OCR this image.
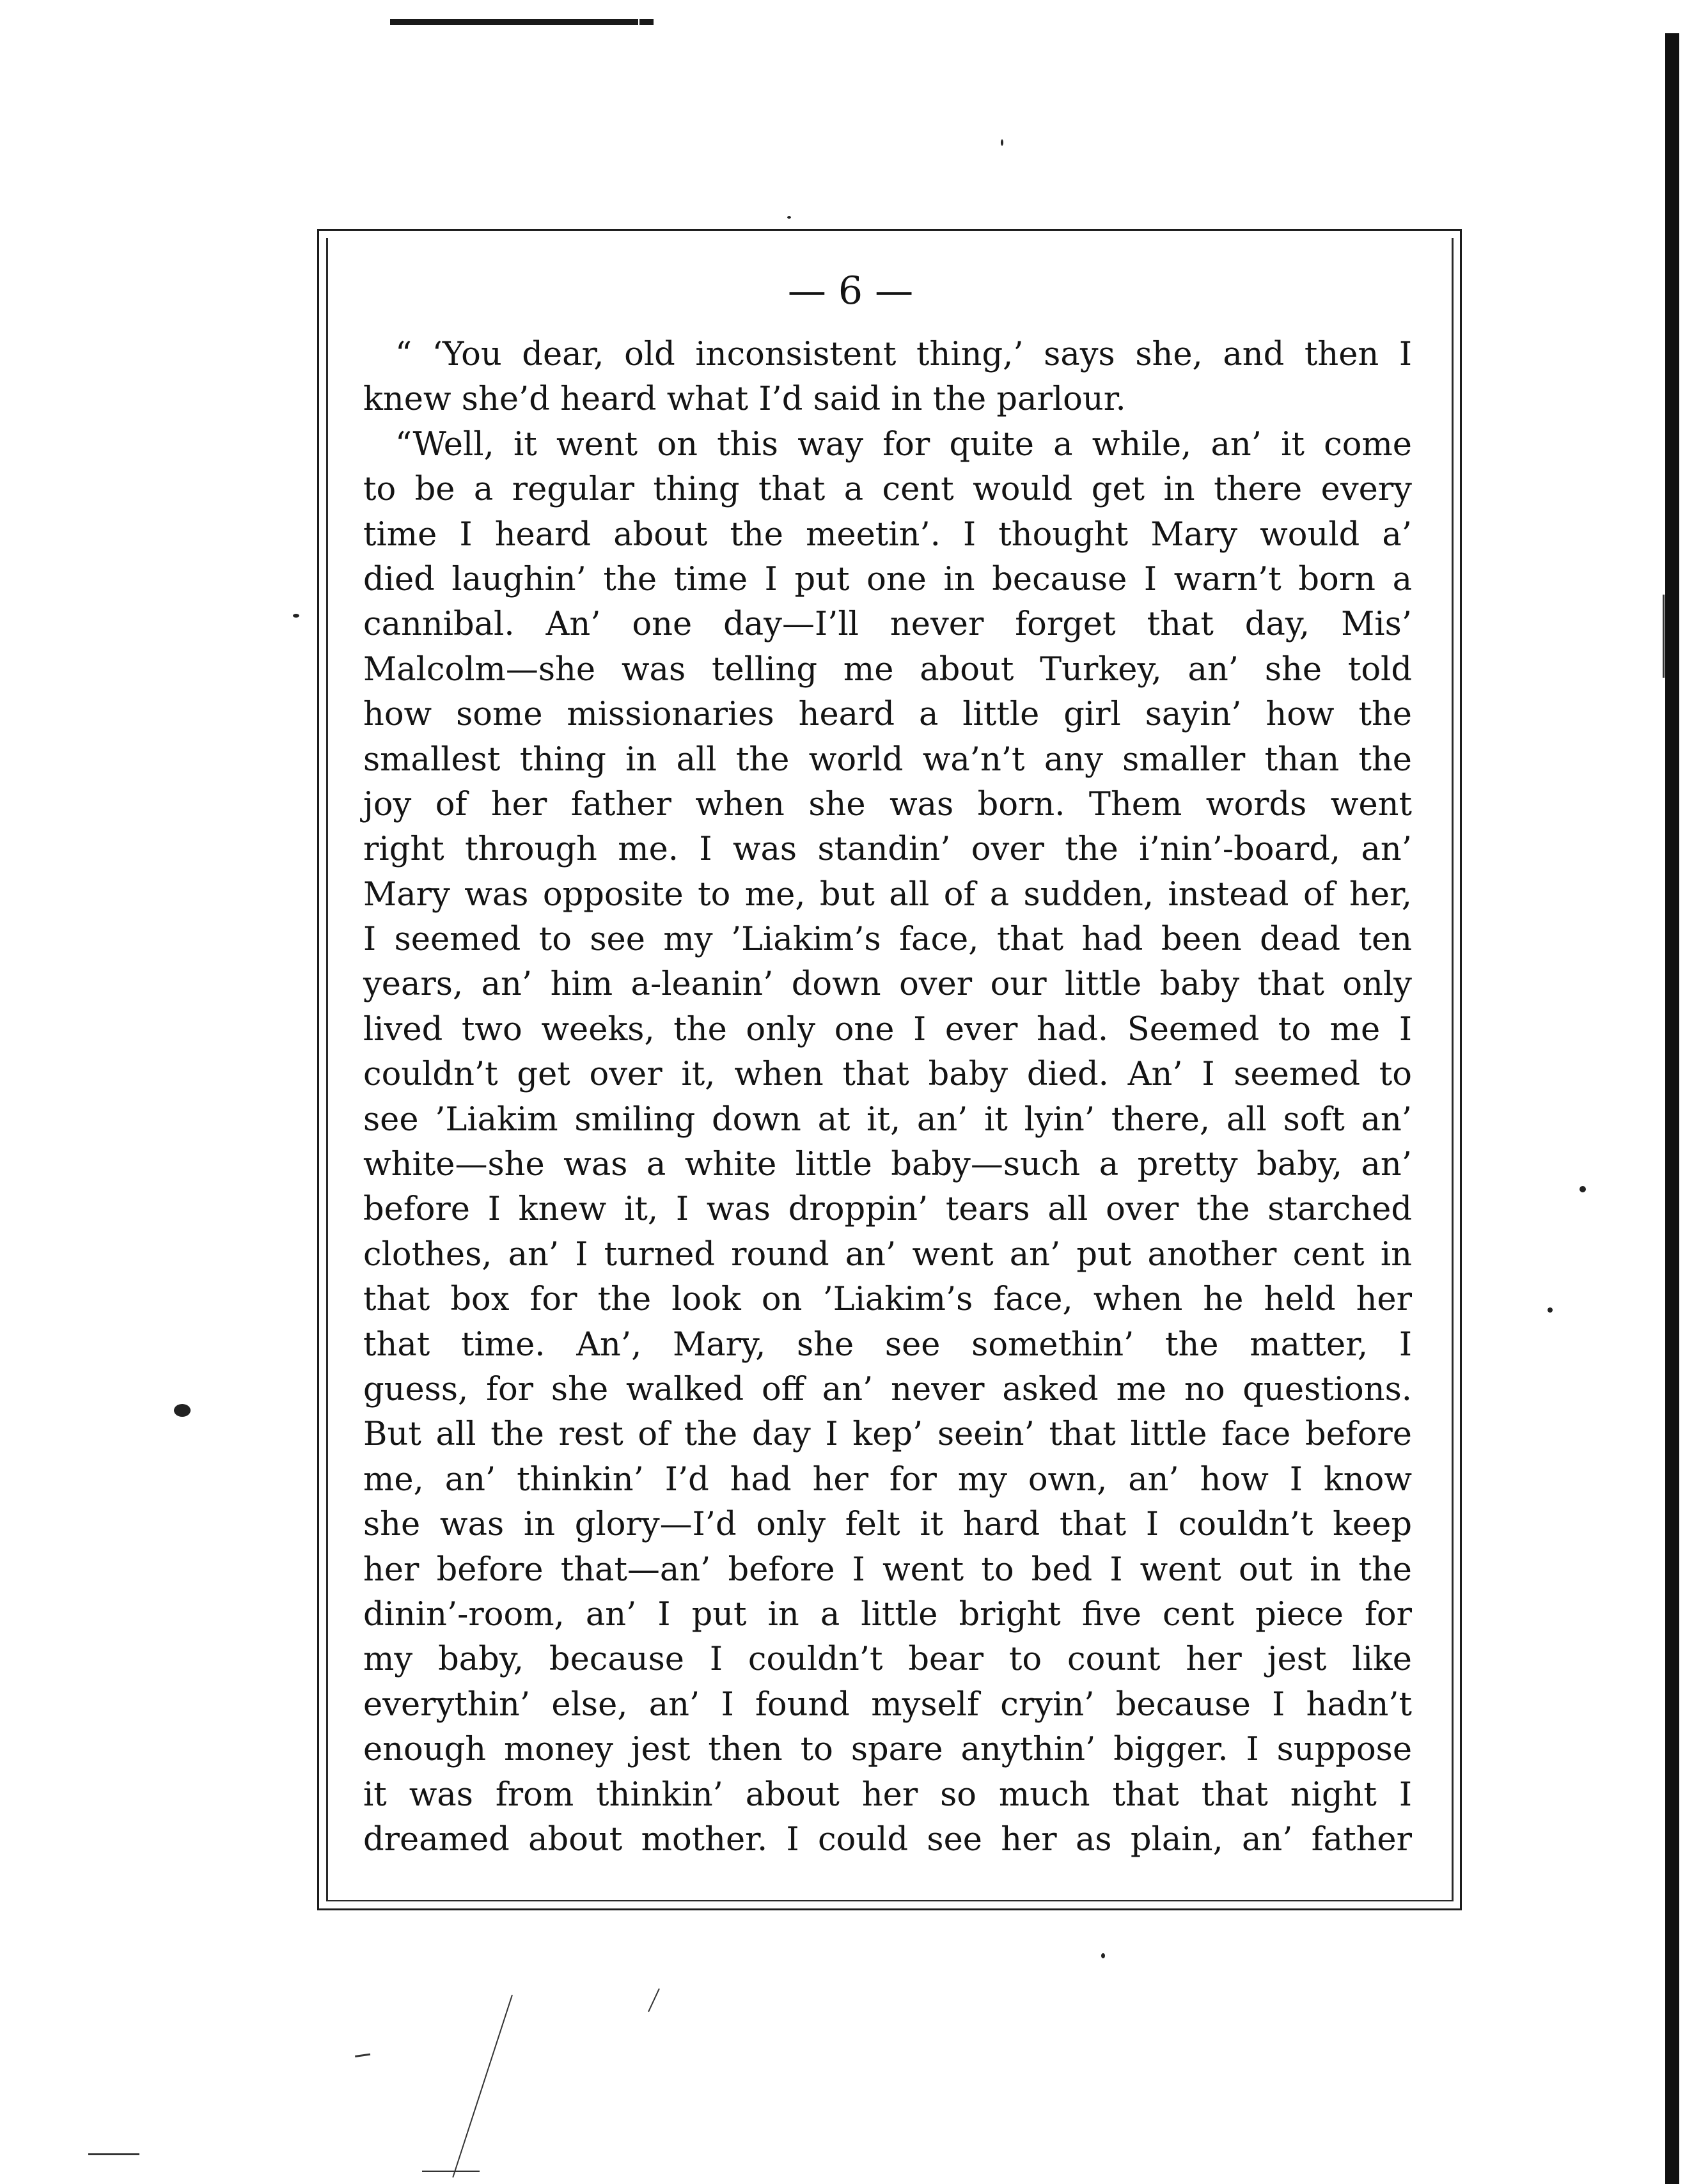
— 6 —

“ ‘You dear, old inconsistent thing,’ says she, and then I
knew she’d heard what I’d said in the parlour.
“Well, it went on this way for quite a while, an’ it come
to be a regular thing that a cent would get in there every
time I heard about the meetin’. I thought Mary would a’
died laughin’ the time I put one in because I warn’t born a
cannibal. An’ one day—I’ll never forget that day, Mis’
Malcolm—she was telling me about Turkey, an’ she told
how some missionaries heard a little girl sayin’ how the
smallest thing in all the world wa’n’t any smaller than the
joy of her father when she was born. Them words went
right through me. I was standin’ over the i’nin’-board, an’
Mary was opposite to me, but all of a sudden, instead of her,
I seemed to see my ’Liakim’s face, that had been dead ten
years, an’ him a-leanin’ down over our little baby that only
lived two weeks, the only one I ever had. Seemed to me I
couldn’t get over it, when that baby died. An’ I seemed to
see ’Liakim smiling down at it, an’ it lyin’ there, all soft an’
white—she was a white little baby—such a pretty baby, an’
before I knew it, I was droppin’ tears all over the starched
clothes, an’ I turned round an’ went an’ put another cent in
that box for the look on ’Liakim’s face, when he held her
that time. An’, Mary, she see somethin’ the matter, I
guess, for she walked off an’ never asked me no questions.
But all the rest of the day I kep’ seein’ that little face before
me, an’ thinkin’ I’d had her for my own, an’ how I know
she was in glory—I’d only felt it hard that I couldn’t keep
her before that—an’ before I went to bed I went out in the
dinin’-room, an’ I put in a little bright five cent piece for
my baby, because I couldn’t bear to count her jest like
everythin’ else, an’ I found myself cryin’ because I hadn’t
enough money jest then to spare anythin’ bigger. I suppose
it was from thinkin’ about her so much that that night I
dreamed about mother. I could see her as plain, an’ father
